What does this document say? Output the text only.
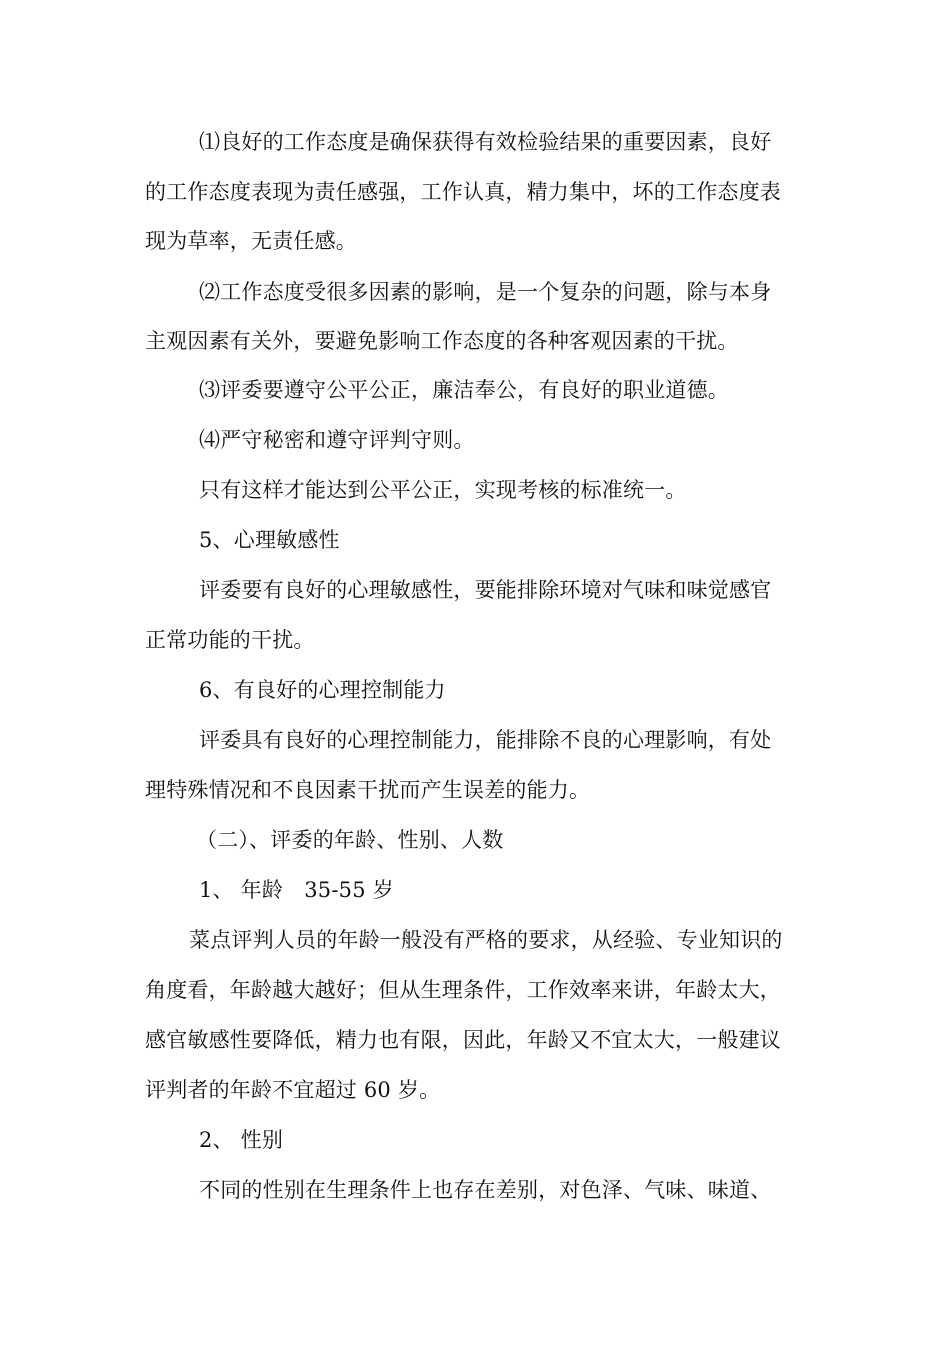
⑴良好的工作态度是确保获得有效检验结果的重要因素，良好
的工作态度表现为责任感强，工作认真，精力集中，坏的工作态度表
现为草率，无责任感。
⑵工作态度受很多因素的影响，是一个复杂的问题，除与本身
主观因素有关外，要避免影响工作态度的各种客观因素的干扰。
⑶评委要遵守公平公正，廉洁奉公，有良好的职业道德。
⑷严守秘密和遵守评判守则。
只有这样才能达到公平公正，实现考核的标准统一。
5、心理敏感性
评委要有良好的心理敏感性，要能排除环境对气味和味觉感官
正常功能的干扰。
6、有良好的心理控制能力
评委具有良好的心理控制能力，能排除不良的心理影响，有处
理特殊情况和不良因素干扰而产生误差的能力。
（二）、评委的年龄、性别、人数
1、 年龄　35-55 岁
菜点评判人员的年龄一般没有严格的要求，从经验、专业知识的
角度看，年龄越大越好；但从生理条件，工作效率来讲，年龄太大，
感官敏感性要降低，精力也有限，因此，年龄又不宜太大，一般建议
评判者的年龄不宜超过 60 岁。
2、 性别
不同的性别在生理条件上也存在差别，对色泽、气味、味道、
